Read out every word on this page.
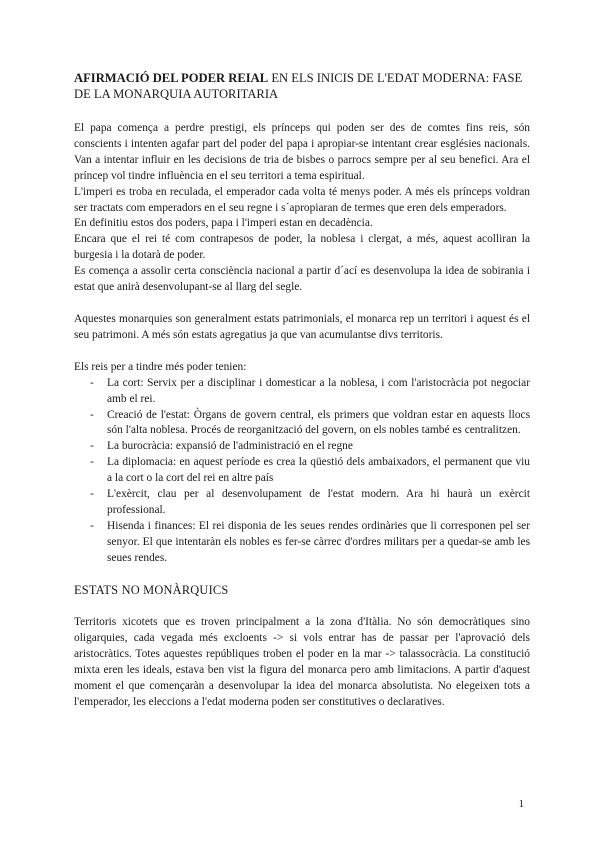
AFIRMACIÓ DEL PODER REIAL EN ELS INICIS DE L'EDAT MODERNA: FASE DE LA MONARQUIA AUTORITARIA

El papa comença a perdre prestigi, els prínceps qui poden ser des de comtes fins reis, són conscients i intenten agafar part del poder del papa i apropiar-se intentant crear esglésies nacionals. Van a intentar influir en les decisions de tria de bisbes o parrocs sempre per al seu benefici. Ara el príncep vol tindre influència en el seu territori a tema espiritual.

L'imperi es troba en reculada, el emperador cada volta té menys poder. A més els prínceps voldran ser tractats com emperadors en el seu regne i s´apropiaran de termes que eren dels emperadors.

En definitiu estos dos poders, papa i l'imperi estan en decadència.

Encara que el rei té com contrapesos de poder, la noblesa i clergat, a més, aquest acolliran la burgesia i la dotarà de poder.

Es comença a assolir certa consciència nacional a partir d´ací es desenvolupa la idea de sobirania i estat que anirà desenvolupant-se al llarg del segle.

Aquestes monarquies son generalment estats patrimonials, el monarca rep un territori i aquest és el seu patrimoni. A més són estats agregatius ja que van acumulantse divs territoris.

Els reis per a tindre més poder tenien:

- La cort: Servix per a disciplinar i domesticar a la noblesa, i com l'aristocràcia pot negociar amb el rei.
- Creació de l'estat: Òrgans de govern central, els primers que voldran estar en aquests llocs són l'alta noblesa. Procés de reorganització del govern, on els nobles també es centralitzen.
- La burocràcia: expansió de l'administració en el regne
- La diplomacia: en aquest període es crea la qüestió dels ambaixadors, el permanent que viu a la cort o la cort del rei en altre país
- L'exèrcit, clau per al desenvolupament de l'estat modern. Ara hi haurà un exèrcit professional.
- Hisenda i finances: El rei disponia de les seues rendes ordinàries que li corresponen pel ser senyor. El que intentaràn els nobles es fer-se càrrec d'ordres militars per a quedar-se amb les seues rendes.
ESTATS NO MONÀRQUICS

Territoris xicotets que es troven principalment a la zona d'Itàlia. No són democràtiques sino oligarquies, cada vegada més excloents -> si vols entrar has de passar per l'aprovació dels aristocràtics. Totes aquestes repúbliques troben el poder en la mar -> talassocràcia. La constitució mixta eren les ideals, estava ben vist la figura del monarca pero amb limitacions. A partir d'aquest moment el que començaràn a desenvolupar la idea del monarca absolutista. No elegeixen tots a l'emperador, les eleccions a l'edat moderna poden ser constitutives o declaratives.

1
